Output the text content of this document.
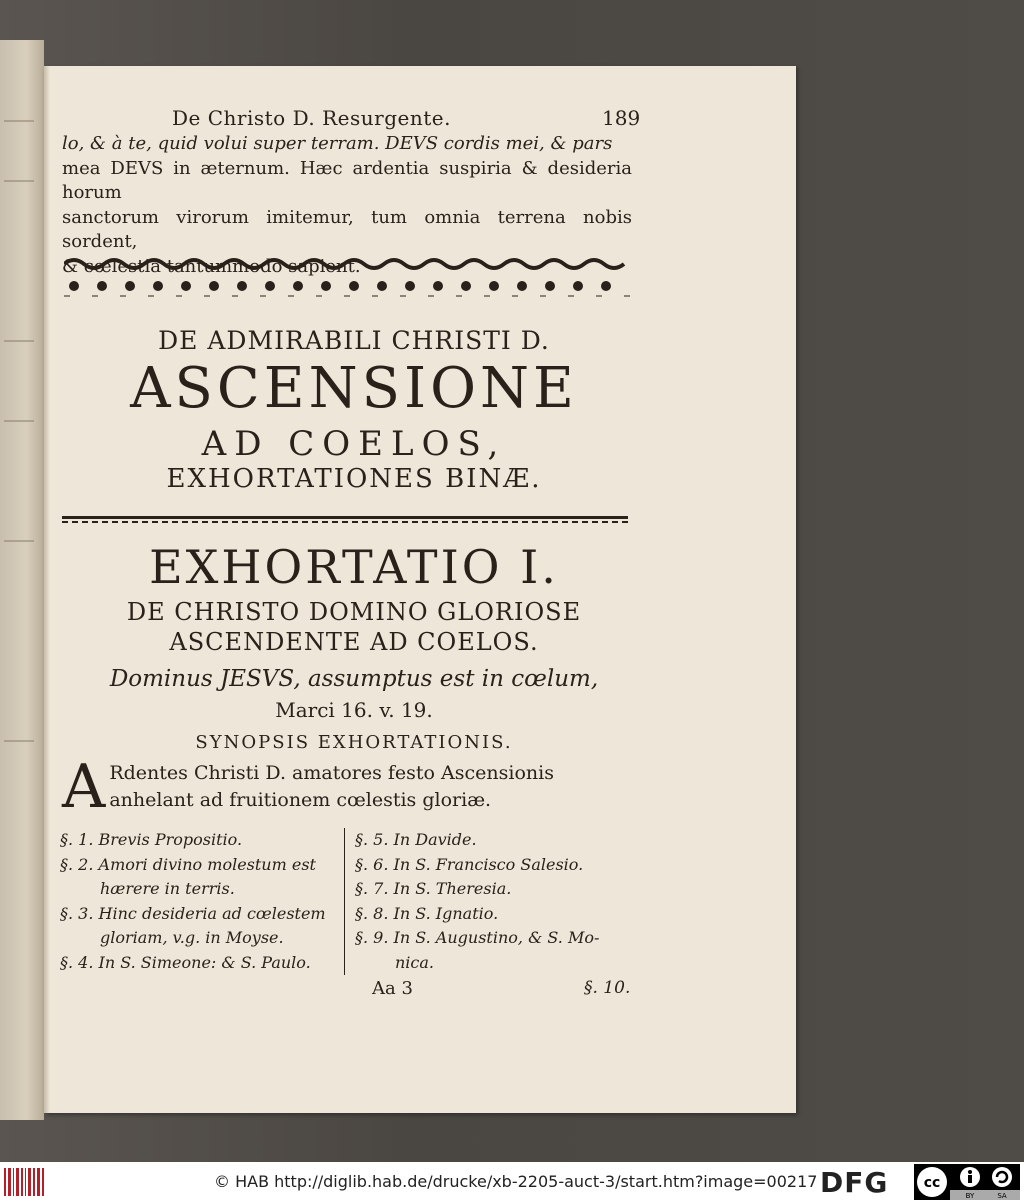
De Christo D. Resurgente.	189
lo, & à te, quid volui super terram. DEVS cordis mei, & pars
mea DEVS in æternum. Hæc ardentia suspiria & desideria horum
sanctorum virorum imitemur, tum omnia terrena nobis sordent,
& cœlestia tantummodo sapient.
DE ADMIRABILI CHRISTI D.
ASCENSIONE
AD COELOS,
EXHORTATIONES BINÆ.
EXHORTATIO I.
DE CHRISTO DOMINO GLORIOSE
ASCENDENTE AD COELOS.
Dominus JESVS, assumptus est in cœlum,
Marci 16. v. 19.
SYNOPSIS EXHORTATIONIS.
A Rdentes Christi D. amatores festo Ascensionis anhelant ad fruitionem cœlestis gloriæ.
§. 1. Brevis Propositio.
§. 2. Amori divino molestum est
hærere in terris.
§. 3. Hinc desideria ad cœlestem
gloriam, v.g. in Moyse.
§. 4. In S. Simeone: & S. Paulo.
§. 5. In Davide.
§. 6. In S. Francisco Salesio.
§. 7. In S. Theresia.
§. 8. In S. Ignatio.
§. 9. In S. Augustino, & S. Mo-
nica.
Aa 3	§. 10.
© HAB http://diglib.hab.de/drucke/xb-2205-auct-3/start.htm?image=00217 DFG	cc
BY	SA
